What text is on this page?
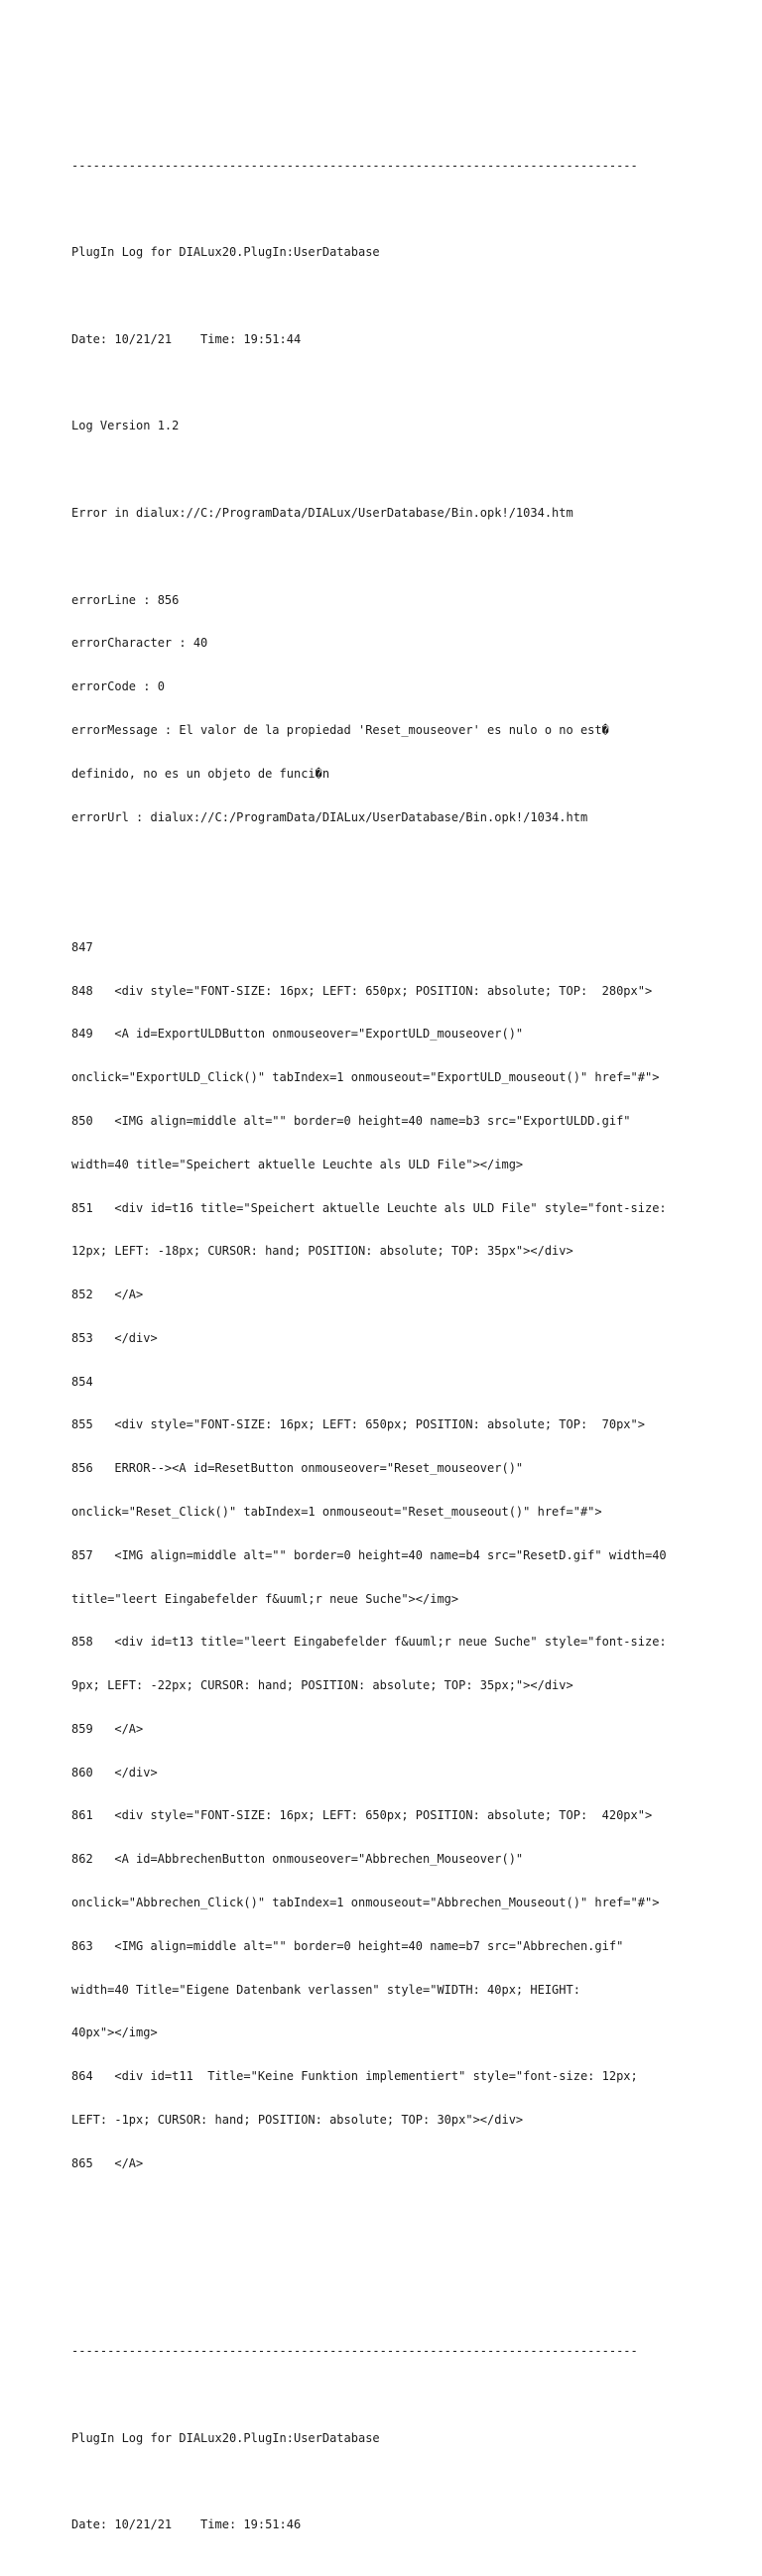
-------------------------------------------------------------------------------

PlugIn Log for DIALux20.PlugIn:UserDatabase

Date: 10/21/21    Time: 19:51:44

Log Version 1.2

Error in dialux://C:/ProgramData/DIALux/UserDatabase/Bin.opk!/1034.htm

errorLine : 856

errorCharacter : 40

errorCode : 0

errorMessage : El valor de la propiedad 'Reset_mouseover' es nulo o no est�

definido, no es un objeto de funci�n

errorUrl : dialux://C:/ProgramData/DIALux/UserDatabase/Bin.opk!/1034.htm

847

848   <div style="FONT-SIZE: 16px; LEFT: 650px; POSITION: absolute; TOP:  280px">

849   <A id=ExportULDButton onmouseover="ExportULD_mouseover()"

onclick="ExportULD_Click()" tabIndex=1 onmouseout="ExportULD_mouseout()" href="#">

850   <IMG align=middle alt="" border=0 height=40 name=b3 src="ExportULDD.gif"

width=40 title="Speichert aktuelle Leuchte als ULD File"></img>

851   <div id=t16 title="Speichert aktuelle Leuchte als ULD File" style="font-size:

12px; LEFT: -18px; CURSOR: hand; POSITION: absolute; TOP: 35px"></div>

852   </A>

853   </div>

854

855   <div style="FONT-SIZE: 16px; LEFT: 650px; POSITION: absolute; TOP:  70px">

856   ERROR--><A id=ResetButton onmouseover="Reset_mouseover()"

onclick="Reset_Click()" tabIndex=1 onmouseout="Reset_mouseout()" href="#">

857   <IMG align=middle alt="" border=0 height=40 name=b4 src="ResetD.gif" width=40

title="leert Eingabefelder f&uuml;r neue Suche"></img>

858   <div id=t13 title="leert Eingabefelder f&uuml;r neue Suche" style="font-size:

9px; LEFT: -22px; CURSOR: hand; POSITION: absolute; TOP: 35px;"></div>

859   </A>

860   </div>

861   <div style="FONT-SIZE: 16px; LEFT: 650px; POSITION: absolute; TOP:  420px">

862   <A id=AbbrechenButton onmouseover="Abbrechen_Mouseover()"

onclick="Abbrechen_Click()" tabIndex=1 onmouseout="Abbrechen_Mouseout()" href="#">

863   <IMG align=middle alt="" border=0 height=40 name=b7 src="Abbrechen.gif"

width=40 Title="Eigene Datenbank verlassen" style="WIDTH: 40px; HEIGHT:

40px"></img>

864   <div id=t11  Title="Keine Funktion implementiert" style="font-size: 12px;

LEFT: -1px; CURSOR: hand; POSITION: absolute; TOP: 30px"></div>

865   </A>

-------------------------------------------------------------------------------

PlugIn Log for DIALux20.PlugIn:UserDatabase

Date: 10/21/21    Time: 19:51:46
